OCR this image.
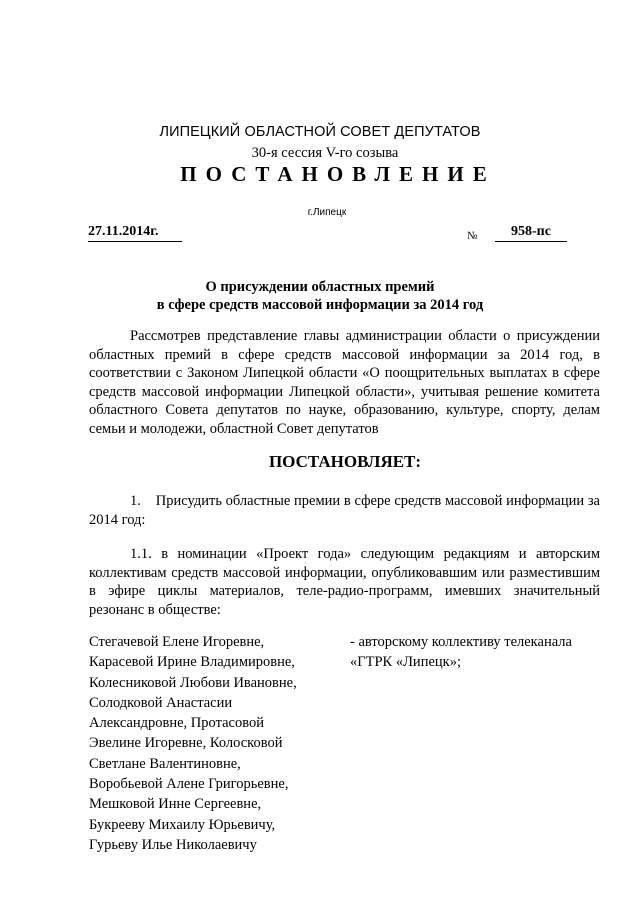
ЛИПЕЦКИЙ ОБЛАСТНОЙ СОВЕТ ДЕПУТАТОВ
30-я сессия V-го созыва
ПОСТАНОВЛЕНИЕ
г.Липецк
27.11.2014г.	№	958-пс
О присуждении областных премий
в сфере средств массовой информации за 2014 год

Рассмотрев представление главы администрации области о присуждении областных премий в сфере средств массовой информации за 2014 год, в соответствии с Законом Липецкой области «О поощрительных выплатах в сфере средств массовой информации Липецкой области», учитывая решение комитета областного Совета депутатов по науке, образованию, культуре, спорту, делам семьи и молодежи, областной Совет депутатов

ПОСТАНОВЛЯЕТ:

1.    Присудить областные премии в сфере средств массовой информации за 2014 год:

1.1. в номинации «Проект года» следующим редакциям и авторским коллективам средств массовой информации, опубликовавшим или разместившим в эфире циклы материалов, теле-радио-программ, имевших значительный резонанс в обществе:

Стегачевой Елене Игоревне,
Карасевой Ирине Владимировне,
Колесниковой Любови Ивановне,
Солодковой Анастасии
Александровне, Протасовой
Эвелине Игоревне, Колосковой
Светлане Валентиновне,
Воробьевой Алене Григорьевне,
Мешковой Инне Сергеевне,
Букрееву Михаилу Юрьевичу,
Гурьеву Илье Николаевичу
- авторскому коллективу телеканала
«ГТРК «Липецк»;
